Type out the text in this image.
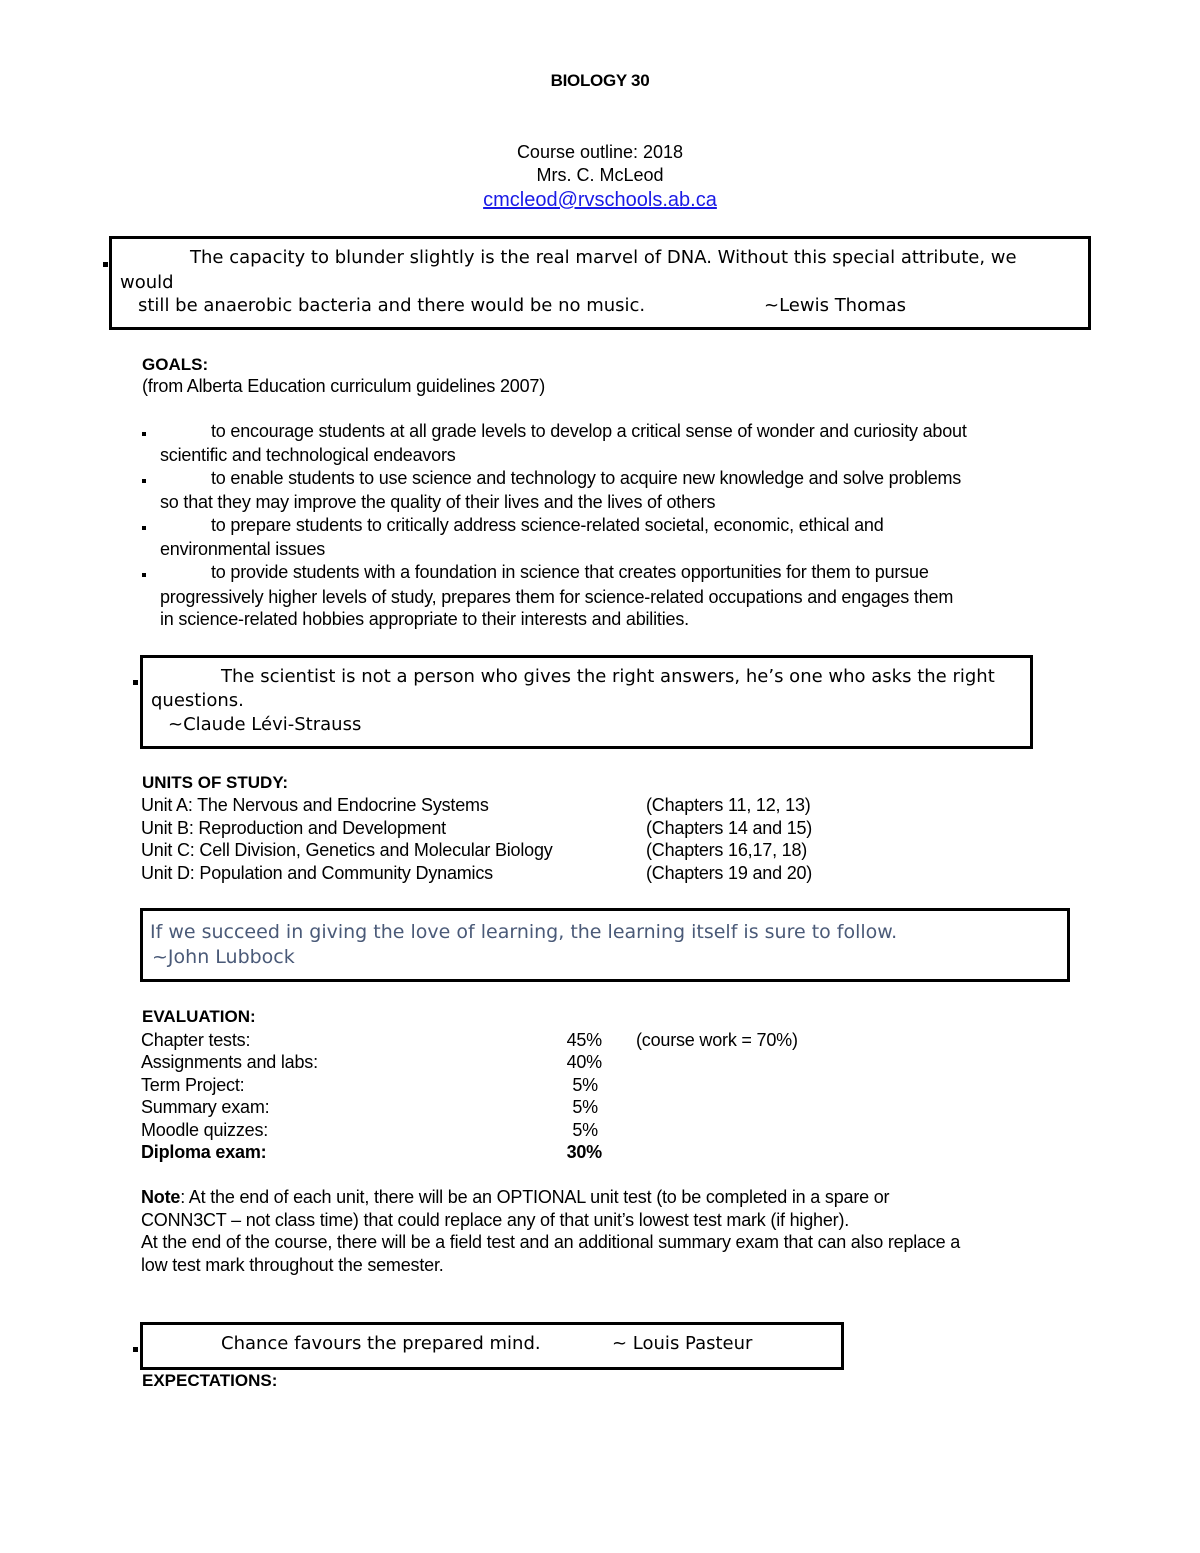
BIOLOGY 30
Course outline: 2018
Mrs. C. McLeod
cmcleod@rvschools.ab.ca
The capacity to blunder slightly is the real marvel of DNA. Without this special attribute, we
would
still be anaerobic bacteria and there would be no music.	~Lewis Thomas
GOALS:
(from Alberta Education curriculum guidelines 2007)
to encourage students at all grade levels to develop a critical sense of wonder and curiosity about
scientific and technological endeavors
to enable students to use science and technology to acquire new knowledge and solve problems
so that they may improve the quality of their lives and the lives of others
to prepare students to critically address science-related societal, economic, ethical and
environmental issues
to provide students with a foundation in science that creates opportunities for them to pursue
progressively higher levels of study, prepares them for science-related occupations and engages them
in science-related hobbies appropriate to their interests and abilities.
The scientist is not a person who gives the right answers, he’s one who asks the right
questions.
~Claude Lévi-Strauss
UNITS OF STUDY:
Unit A: The Nervous and Endocrine Systems	(Chapters 11, 12, 13)
Unit B: Reproduction and Development	(Chapters 14 and 15)
Unit C: Cell Division, Genetics and Molecular Biology	(Chapters 16,17, 18)
Unit D: Population and Community Dynamics	(Chapters 19 and 20)
If we succeed in giving the love of learning, the learning itself is sure to follow.
~John Lubbock
EVALUATION:
Chapter tests:	45% (course work = 70%)
Assignments and labs:	40%
Term Project:	5%
Summary exam:	5%
Moodle quizzes:	5%
Diploma exam:	30%
Note: At the end of each unit, there will be an OPTIONAL unit test (to be completed in a spare or
CONN3CT – not class time) that could replace any of that unit’s lowest test mark (if higher).
At the end of the course, there will be a field test and an additional summary exam that can also replace a
low test mark throughout the semester.
Chance favours the prepared mind.	~ Louis Pasteur
EXPECTATIONS:
